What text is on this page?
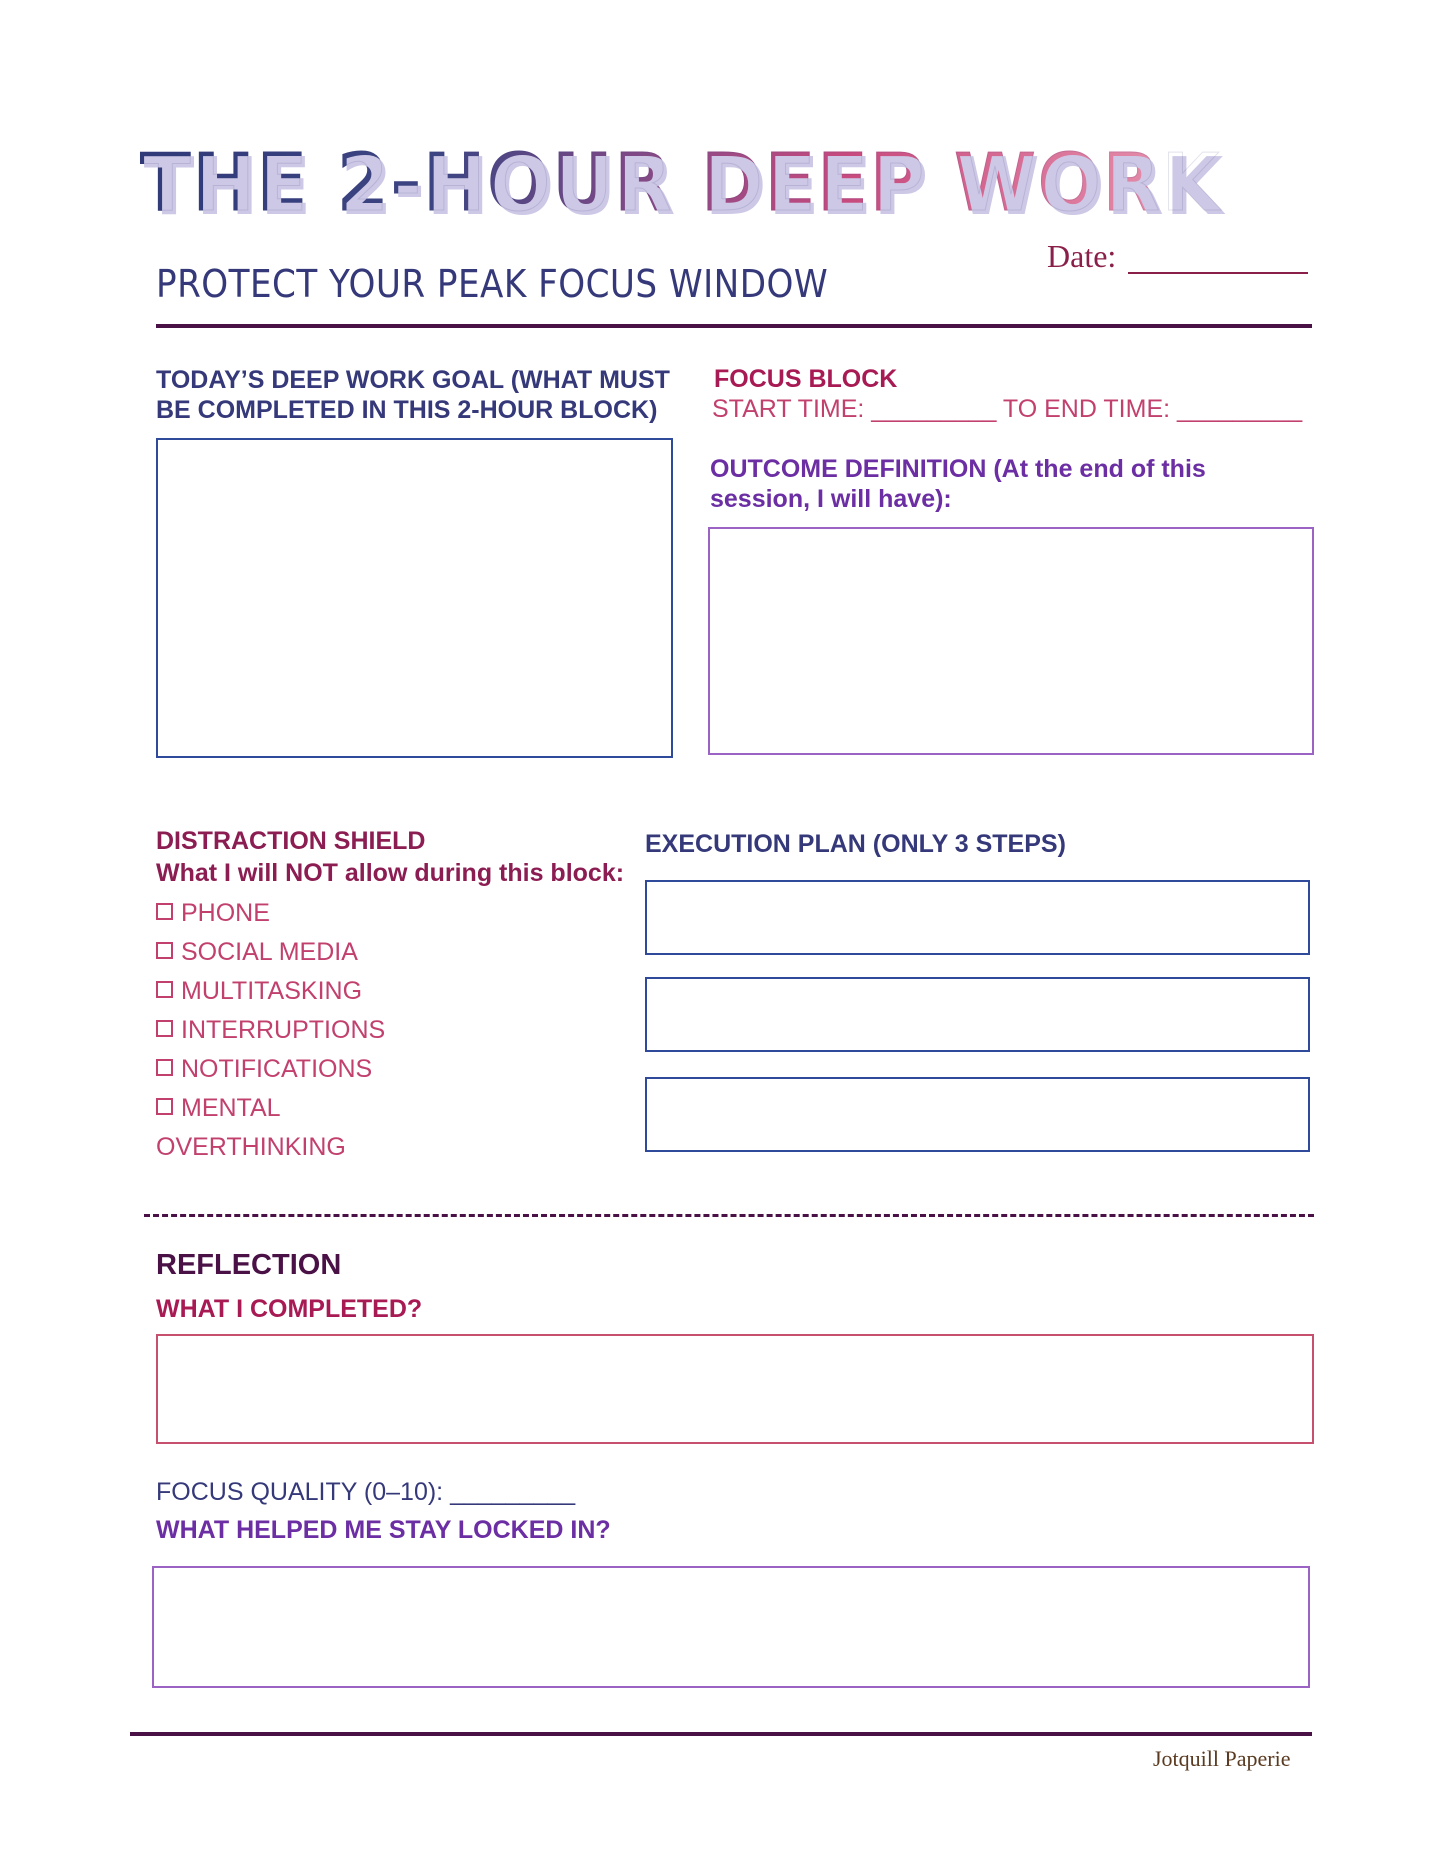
THE 2-HOUR DEEP WORK
PROTECT YOUR PEAK FOCUS WINDOW
Date:
TODAY’S DEEP WORK GOAL (WHAT MUST
BE COMPLETED IN THIS 2-HOUR BLOCK)
FOCUS BLOCK
START TIME: _________ TO END TIME: _________
OUTCOME DEFINITION (At the end of this
session, I will have):
DISTRACTION SHIELD
What I will NOT allow during this block:
PHONE
SOCIAL MEDIA
MULTITASKING
INTERRUPTIONS
NOTIFICATIONS
MENTAL
OVERTHINKING
EXECUTION PLAN (ONLY 3 STEPS)
REFLECTION
WHAT I COMPLETED?
FOCUS QUALITY (0–10): _________
WHAT HELPED ME STAY LOCKED IN?
Jotquill Paperie
